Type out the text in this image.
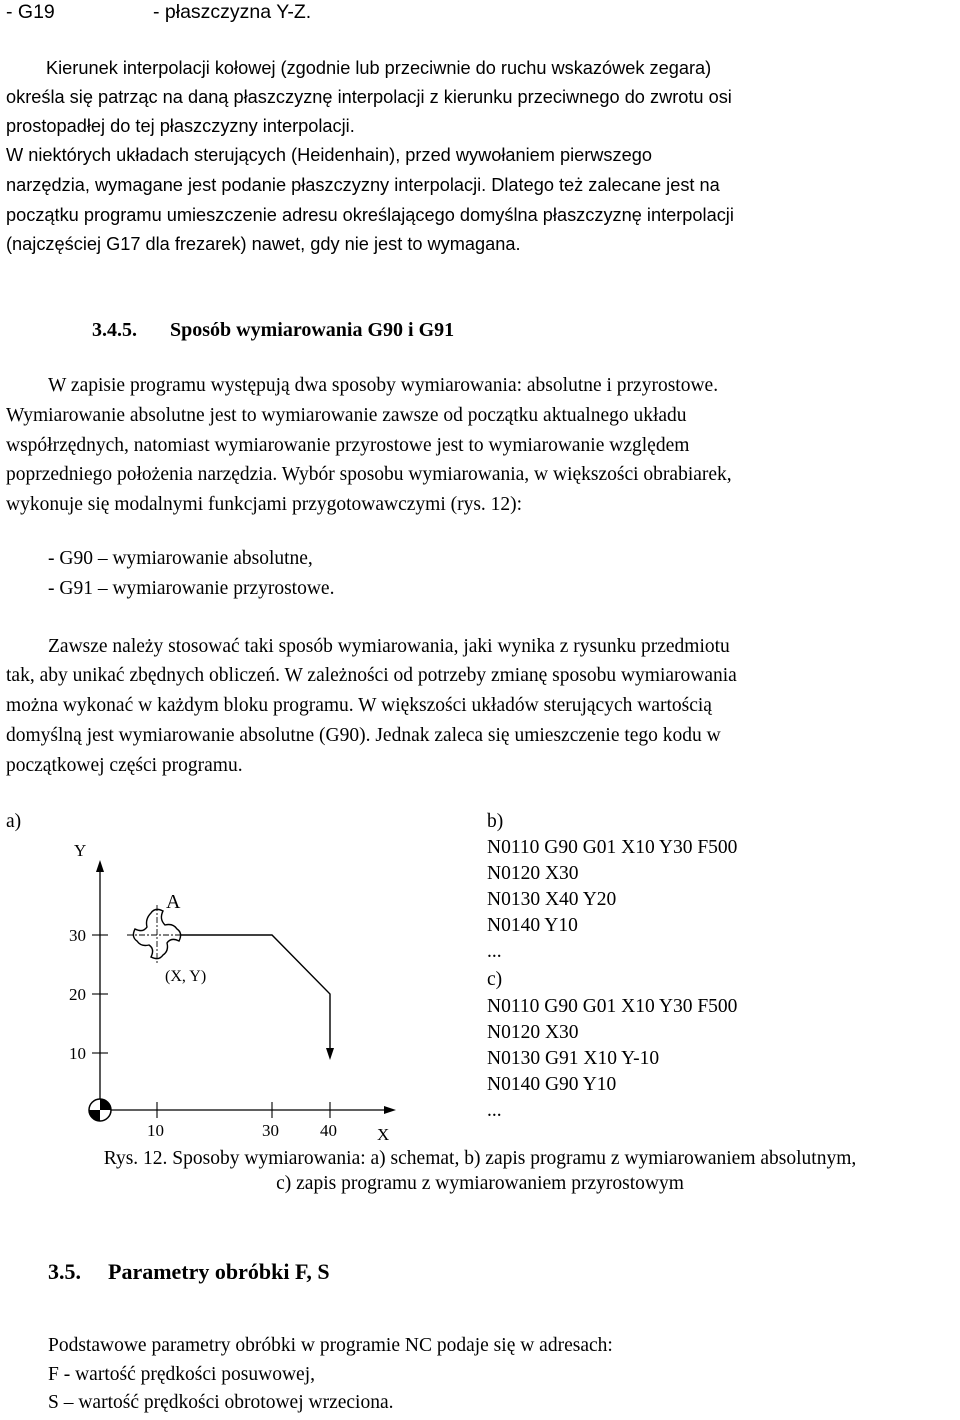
- G19	- płaszczyzna Y-Z.
Kierunek interpolacji kołowej (zgodnie lub przeciwnie do ruchu wskazówek zegara)
określa się patrząc na daną płaszczyznę interpolacji z kierunku przeciwnego do zwrotu osi
prostopadłej do tej płaszczyzny interpolacji.
W niektórych układach sterujących (Heidenhain), przed wywołaniem pierwszego
narzędzia, wymagane jest podanie płaszczyzny interpolacji. Dlatego też zalecane jest na
początku programu umieszczenie adresu określającego domyślna płaszczyznę interpolacji
(najczęściej G17 dla frezarek) nawet, gdy nie jest to wymagana.
3.4.5. Sposób wymiarowania G90 i G91
W zapisie programu występują dwa sposoby wymiarowania: absolutne i przyrostowe.
Wymiarowanie absolutne jest to wymiarowanie zawsze od początku aktualnego układu
współrzędnych, natomiast wymiarowanie przyrostowe jest to wymiarowanie względem
poprzedniego położenia narzędzia. Wybór sposobu wymiarowania, w większości obrabiarek,
wykonuje się modalnymi funkcjami przygotowawczymi (rys. 12):
- G90 – wymiarowanie absolutne,
- G91 – wymiarowanie przyrostowe.
Zawsze należy stosować taki sposób wymiarowania, jaki wynika z rysunku przedmiotu
tak, aby unikać zbędnych obliczeń. W zależności od potrzeby zmianę sposobu wymiarowania
można wykonać w każdym bloku programu. W większości układów sterujących wartością
domyślną jest wymiarowanie absolutne (G90). Jednak zaleca się umieszczenie tego kodu w
początkowej części programu.
a)
Y
X
30
20
10
10	30 40
A
(X, Y)
b)
N0110 G90 G01 X10 Y30 F500
N0120 X30
N0130 X40 Y20
N0140 Y10
...
c)
N0110 G90 G01 X10 Y30 F500
N0120 X30
N0130 G91 X10 Y-10
N0140 G90 Y10
...
Rys. 12. Sposoby wymiarowania: a) schemat, b) zapis programu z wymiarowaniem absolutnym,
c) zapis programu z wymiarowaniem przyrostowym
3.5. Parametry obróbki F, S
Podstawowe parametry obróbki w programie NC podaje się w adresach:
F - wartość prędkości posuwowej,
S – wartość prędkości obrotowej wrzeciona.
